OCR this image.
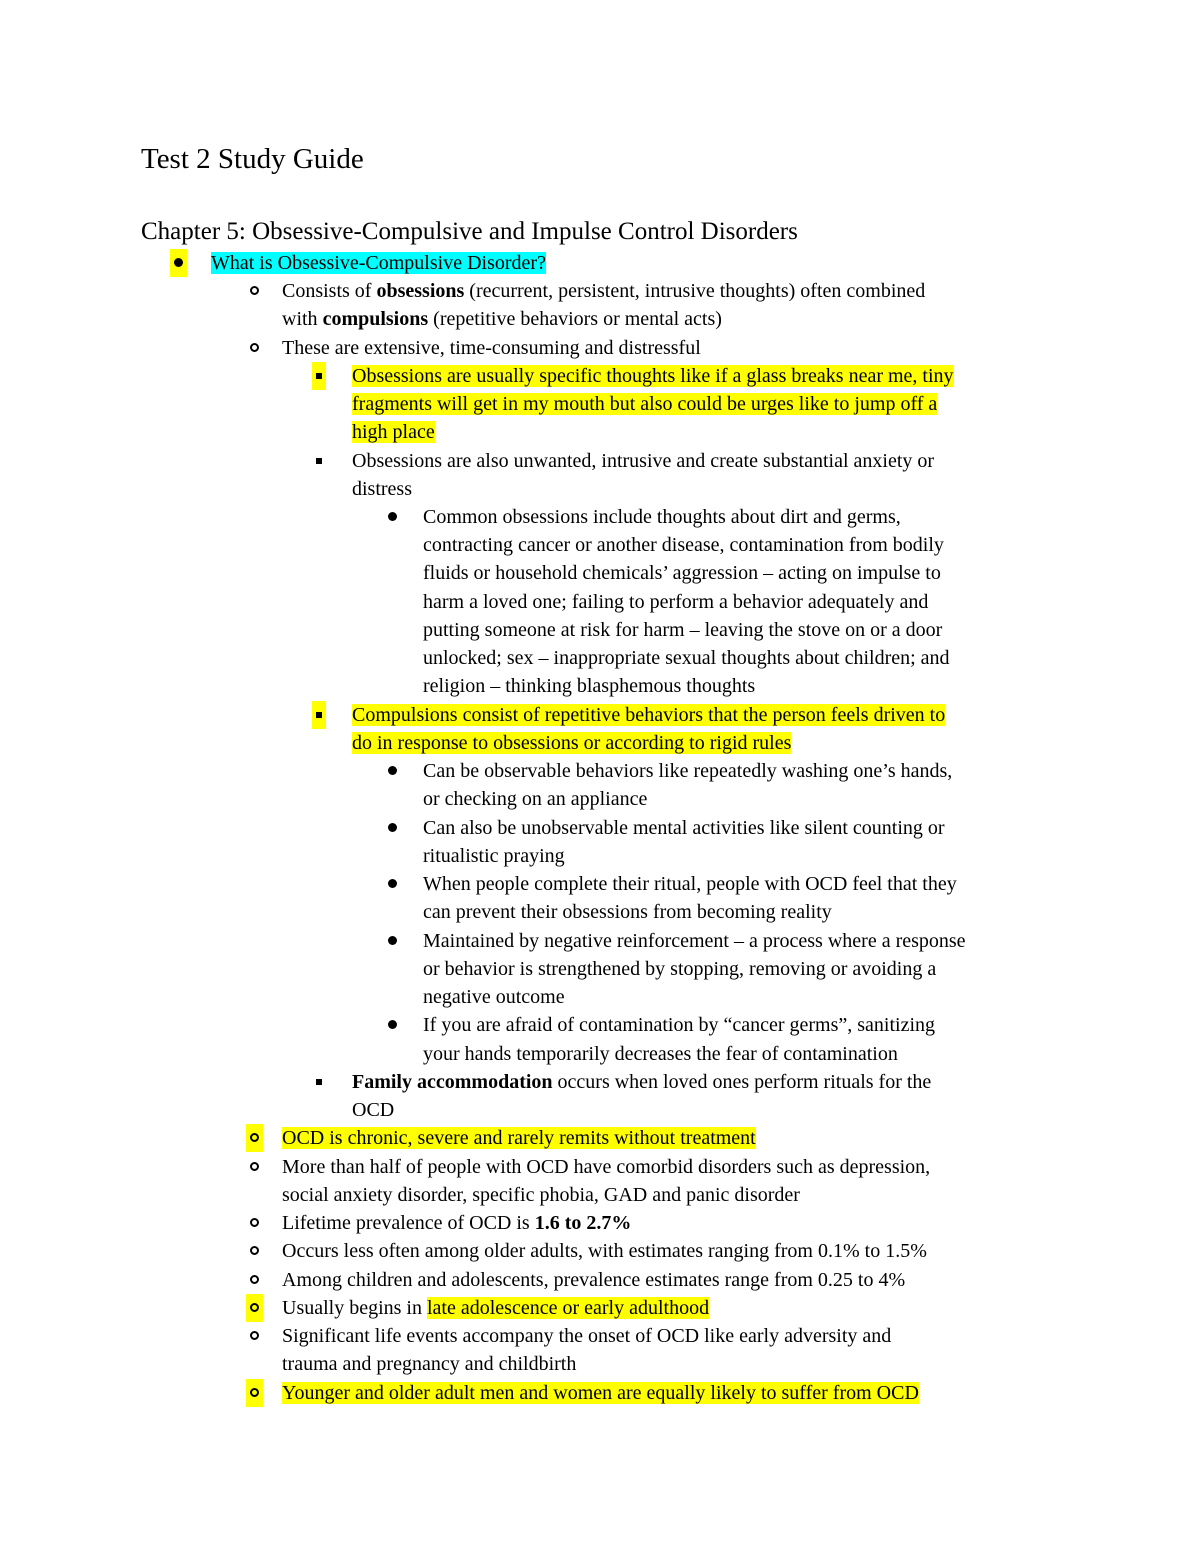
Test 2 Study Guide
Chapter 5: Obsessive-Compulsive and Impulse Control Disorders
What is Obsessive-Compulsive Disorder?
Consists of obsessions (recurrent, persistent, intrusive thoughts) often combined
with compulsions (repetitive behaviors or mental acts)
These are extensive, time-consuming and distressful
Obsessions are usually specific thoughts like if a glass breaks near me, tiny
fragments will get in my mouth but also could be urges like to jump off a
high place
Obsessions are also unwanted, intrusive and create substantial anxiety or
distress
Common obsessions include thoughts about dirt and germs,
contracting cancer or another disease, contamination from bodily
fluids or household chemicals’ aggression – acting on impulse to
harm a loved one; failing to perform a behavior adequately and
putting someone at risk for harm – leaving the stove on or a door
unlocked; sex – inappropriate sexual thoughts about children; and
religion – thinking blasphemous thoughts
Compulsions consist of repetitive behaviors that the person feels driven to
do in response to obsessions or according to rigid rules
Can be observable behaviors like repeatedly washing one’s hands,
or checking on an appliance
Can also be unobservable mental activities like silent counting or
ritualistic praying
When people complete their ritual, people with OCD feel that they
can prevent their obsessions from becoming reality
Maintained by negative reinforcement – a process where a response
or behavior is strengthened by stopping, removing or avoiding a
negative outcome
If you are afraid of contamination by “cancer germs”, sanitizing
your hands temporarily decreases the fear of contamination
Family accommodation occurs when loved ones perform rituals for the
OCD
OCD is chronic, severe and rarely remits without treatment
More than half of people with OCD have comorbid disorders such as depression,
social anxiety disorder, specific phobia, GAD and panic disorder
Lifetime prevalence of OCD is 1.6 to 2.7%
Occurs less often among older adults, with estimates ranging from 0.1% to 1.5%
Among children and adolescents, prevalence estimates range from 0.25 to 4%
Usually begins in late adolescence or early adulthood
Significant life events accompany the onset of OCD like early adversity and
trauma and pregnancy and childbirth
Younger and older adult men and women are equally likely to suffer from OCD
